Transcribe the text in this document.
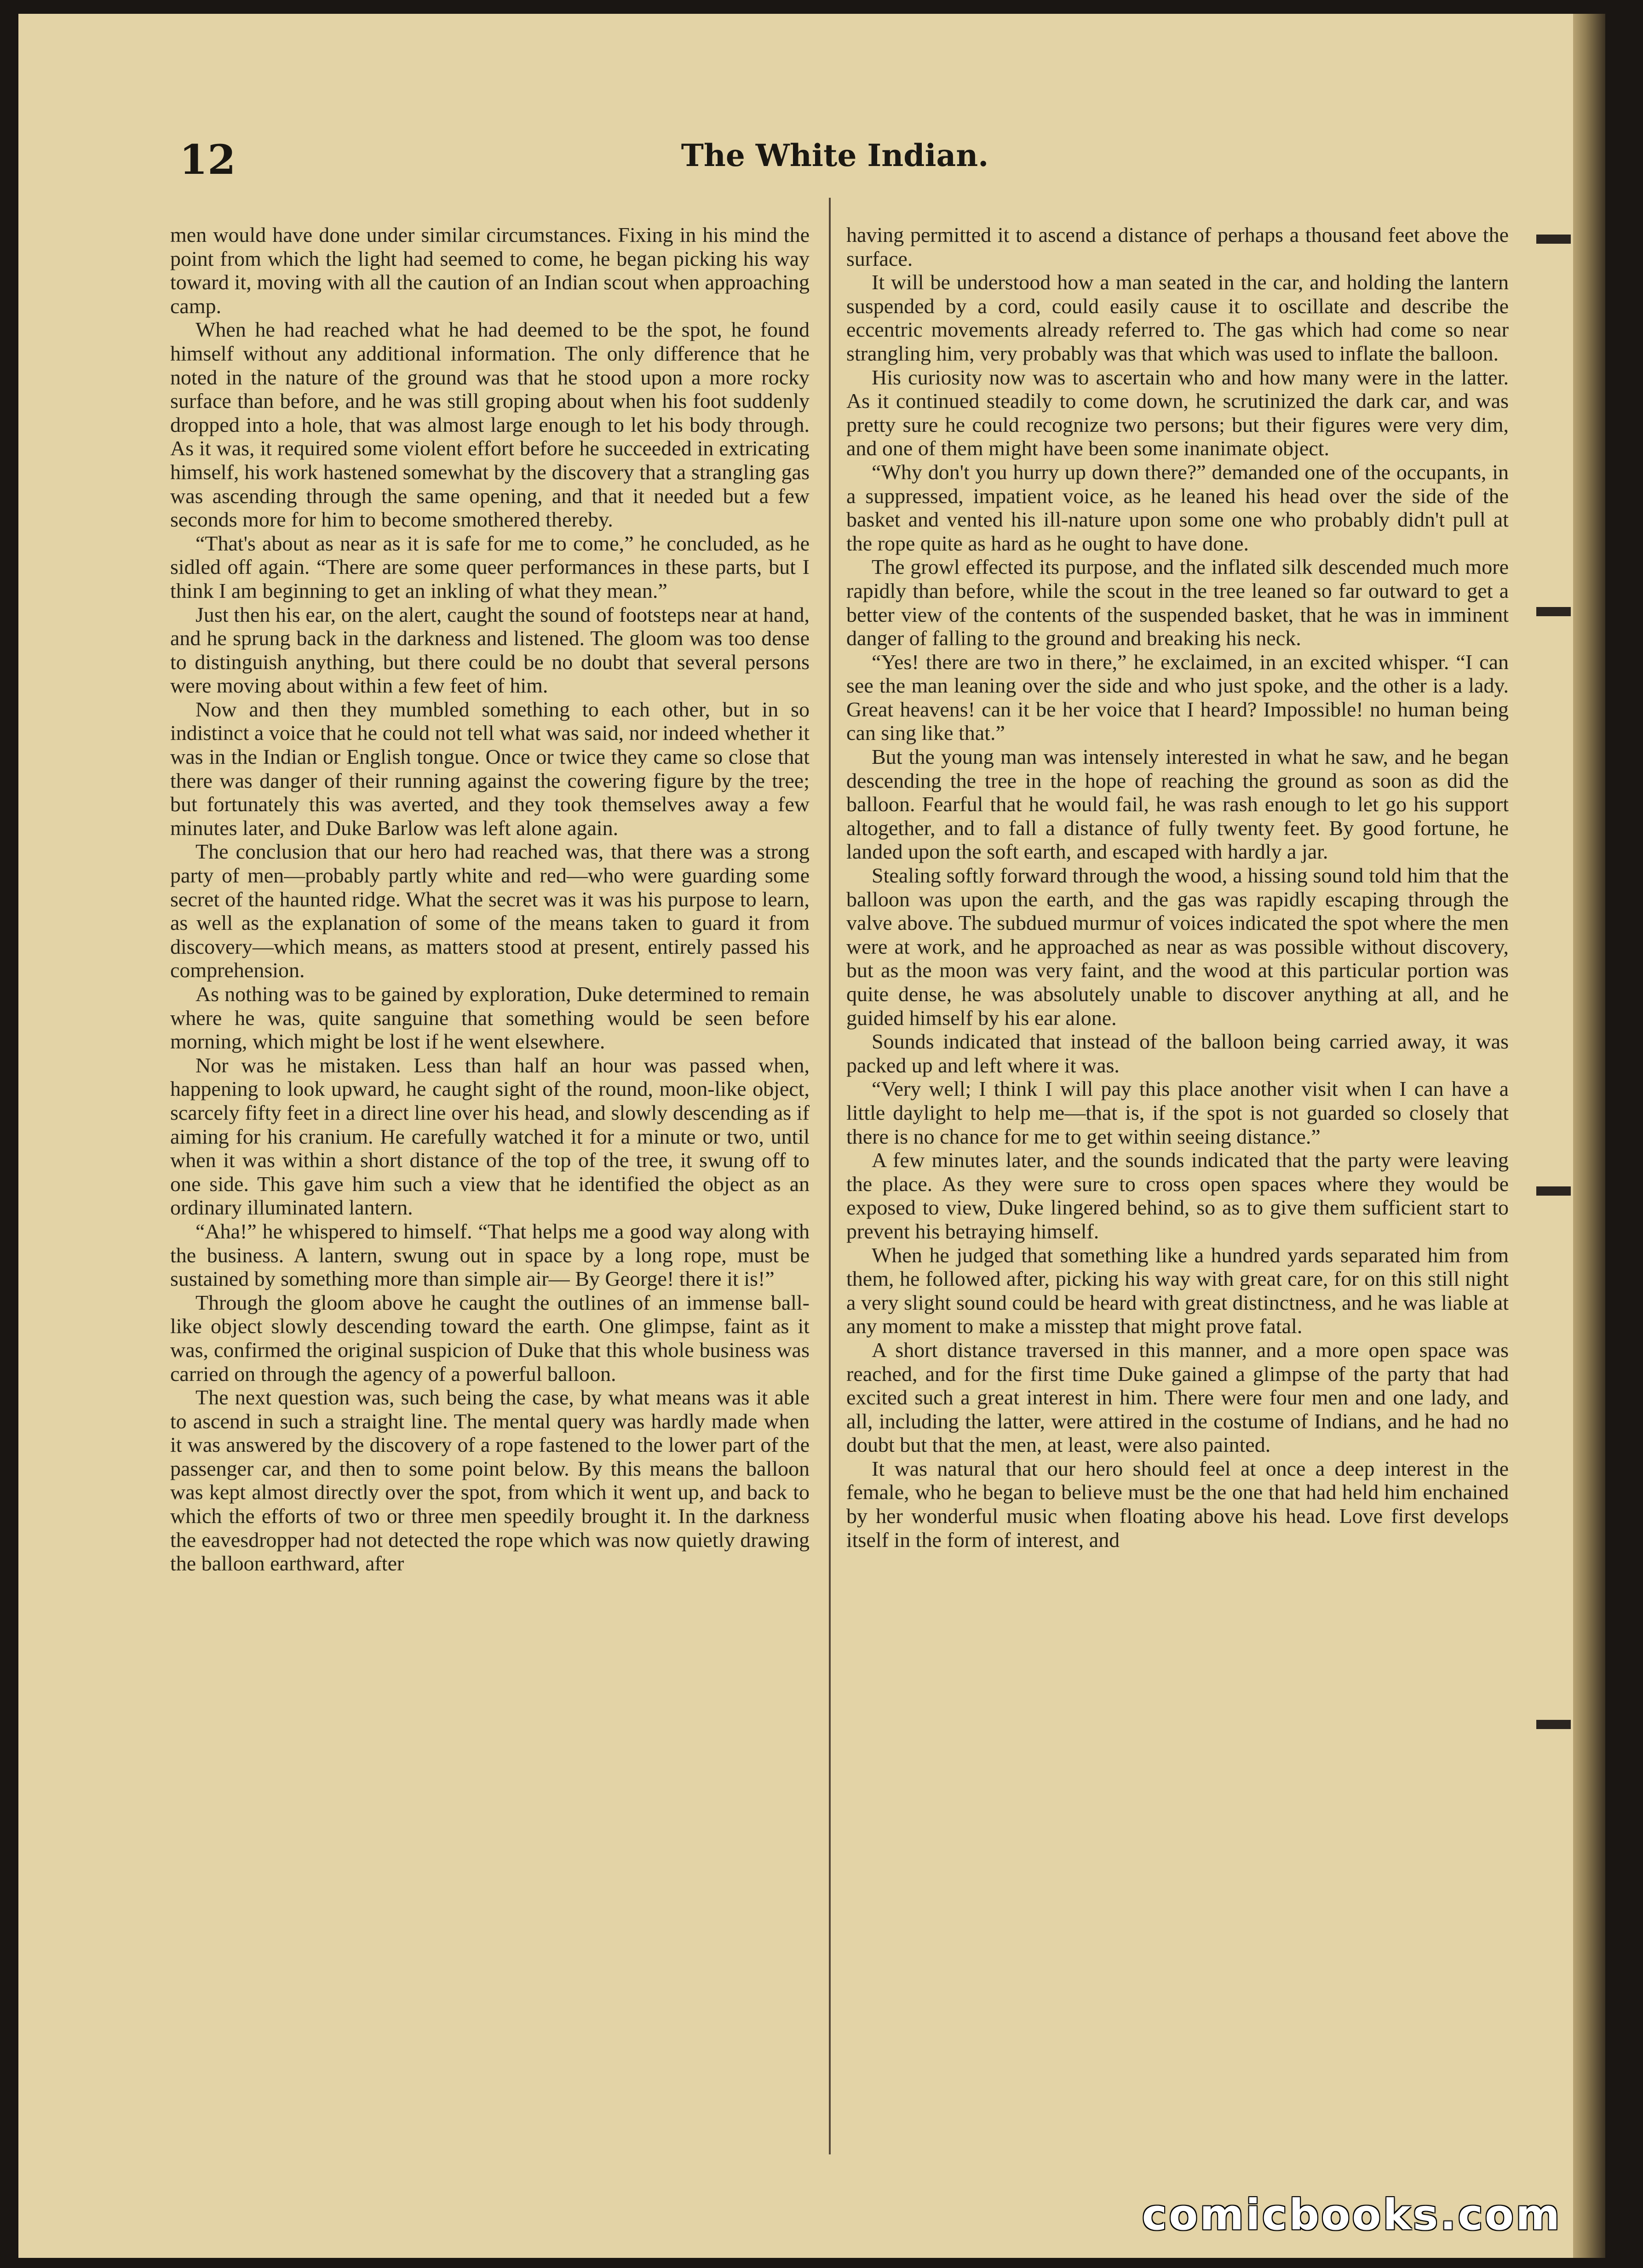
12	The White Indian.

men would have done under similar circumstances. Fixing in his mind the point from which the light had seemed to come, he began picking his way toward it, moving with all the caution of an Indian scout when approaching camp.

When he had reached what he had deemed to be the spot, he found himself without any additional information. The only difference that he noted in the nature of the ground was that he stood upon a more rocky surface than before, and he was still groping about when his foot suddenly dropped into a hole, that was almost large enough to let his body through. As it was, it required some violent effort before he succeeded in extricating himself, his work hastened somewhat by the discovery that a strangling gas was ascending through the same opening, and that it needed but a few seconds more for him to become smothered thereby.

“That's about as near as it is safe for me to come,” he concluded, as he sidled off again. “There are some queer performances in these parts, but I think I am beginning to get an inkling of what they mean.”

Just then his ear, on the alert, caught the sound of footsteps near at hand, and he sprung back in the darkness and listened. The gloom was too dense to distinguish anything, but there could be no doubt that several persons were moving about within a few feet of him.

Now and then they mumbled something to each other, but in so indistinct a voice that he could not tell what was said, nor indeed whether it was in the Indian or English tongue. Once or twice they came so close that there was danger of their running against the cowering figure by the tree; but fortunately this was averted, and they took themselves away a few minutes later, and Duke Barlow was left alone again.

The conclusion that our hero had reached was, that there was a strong party of men—probably partly white and red—who were guarding some secret of the haunted ridge. What the secret was it was his purpose to learn, as well as the explanation of some of the means taken to guard it from discovery—which means, as matters stood at present, entirely passed his comprehension.

As nothing was to be gained by exploration, Duke determined to remain where he was, quite sanguine that something would be seen before morning, which might be lost if he went elsewhere.

Nor was he mistaken. Less than half an hour was passed when, happening to look upward, he caught sight of the round, moon-like object, scarcely fifty feet in a direct line over his head, and slowly descending as if aiming for his cranium. He carefully watched it for a minute or two, until when it was within a short distance of the top of the tree, it swung off to one side. This gave him such a view that he identified the object as an ordinary illuminated lantern.

“Aha!” he whispered to himself. “That helps me a good way along with the business. A lantern, swung out in space by a long rope, must be sustained by something more than simple air— By George! there it is!”

Through the gloom above he caught the outlines of an immense ball-like object slowly descending toward the earth. One glimpse, faint as it was, confirmed the original suspicion of Duke that this whole business was carried on through the agency of a powerful balloon.

The next question was, such being the case, by what means was it able to ascend in such a straight line. The mental query was hardly made when it was answered by the discovery of a rope fastened to the lower part of the passenger car, and then to some point below. By this means the balloon was kept almost directly over the spot, from which it went up, and back to which the efforts of two or three men speedily brought it. In the darkness the eavesdropper had not detected the rope which was now quietly drawing the balloon earthward, after

having permitted it to ascend a distance of perhaps a thousand feet above the surface.

It will be understood how a man seated in the car, and holding the lantern suspended by a cord, could easily cause it to oscillate and describe the eccentric movements already referred to. The gas which had come so near strangling him, very probably was that which was used to inflate the balloon.

His curiosity now was to ascertain who and how many were in the latter. As it continued steadily to come down, he scrutinized the dark car, and was pretty sure he could recognize two persons; but their figures were very dim, and one of them might have been some inanimate object.

“Why don't you hurry up down there?” demanded one of the occupants, in a suppressed, impatient voice, as he leaned his head over the side of the basket and vented his ill-nature upon some one who probably didn't pull at the rope quite as hard as he ought to have done.

The growl effected its purpose, and the inflated silk descended much more rapidly than before, while the scout in the tree leaned so far outward to get a better view of the contents of the suspended basket, that he was in imminent danger of falling to the ground and breaking his neck.

“Yes! there are two in there,” he exclaimed, in an excited whisper. “I can see the man leaning over the side and who just spoke, and the other is a lady. Great heavens! can it be her voice that I heard? Impossible! no human being can sing like that.”

But the young man was intensely interested in what he saw, and he began descending the tree in the hope of reaching the ground as soon as did the balloon. Fearful that he would fail, he was rash enough to let go his support altogether, and to fall a distance of fully twenty feet. By good fortune, he landed upon the soft earth, and escaped with hardly a jar.

Stealing softly forward through the wood, a hissing sound told him that the balloon was upon the earth, and the gas was rapidly escaping through the valve above. The subdued murmur of voices indicated the spot where the men were at work, and he approached as near as was possible without discovery, but as the moon was very faint, and the wood at this particular portion was quite dense, he was absolutely unable to discover anything at all, and he guided himself by his ear alone.

Sounds indicated that instead of the balloon being carried away, it was packed up and left where it was.

“Very well; I think I will pay this place another visit when I can have a little daylight to help me—that is, if the spot is not guarded so closely that there is no chance for me to get within seeing distance.”

A few minutes later, and the sounds indicated that the party were leaving the place. As they were sure to cross open spaces where they would be exposed to view, Duke lingered behind, so as to give them sufficient start to prevent his betraying himself.

When he judged that something like a hundred yards separated him from them, he followed after, picking his way with great care, for on this still night a very slight sound could be heard with great distinctness, and he was liable at any moment to make a misstep that might prove fatal.

A short distance traversed in this manner, and a more open space was reached, and for the first time Duke gained a glimpse of the party that had excited such a great interest in him. There were four men and one lady, and all, including the latter, were attired in the costume of Indians, and he had no doubt but that the men, at least, were also painted.

It was natural that our hero should feel at once a deep interest in the female, who he began to believe must be the one that had held him enchained by her wonderful music when floating above his head. Love first develops itself in the form of interest, and

comicbooks.com
